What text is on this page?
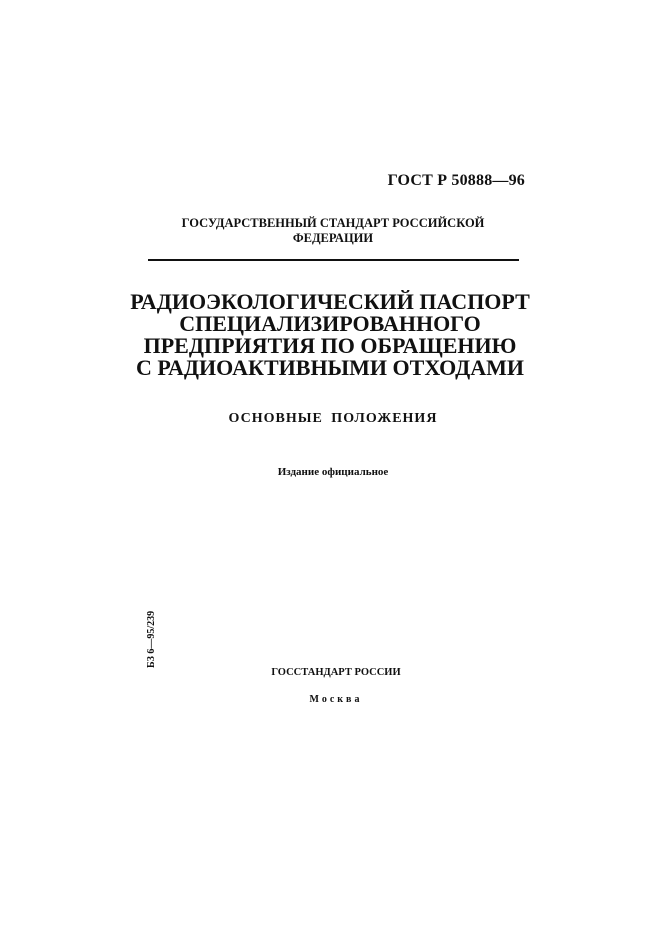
ГОСТ Р 50888—96
ГОСУДАРСТВЕННЫЙ СТАНДАРТ РОССИЙСКОЙ
ФЕДЕРАЦИИ
РАДИОЭКОЛОГИЧЕСКИЙ ПАСПОРТ
СПЕЦИАЛИЗИРОВАННОГО
ПРЕДПРИЯТИЯ ПО ОБРАЩЕНИЮ
С РАДИОАКТИВНЫМИ ОТХОДАМИ
ОСНОВНЫЕ ПОЛОЖЕНИЯ
Издание официальное
БЗ 6—95/239
ГОССТАНДАРТ РОССИИ
Москва
